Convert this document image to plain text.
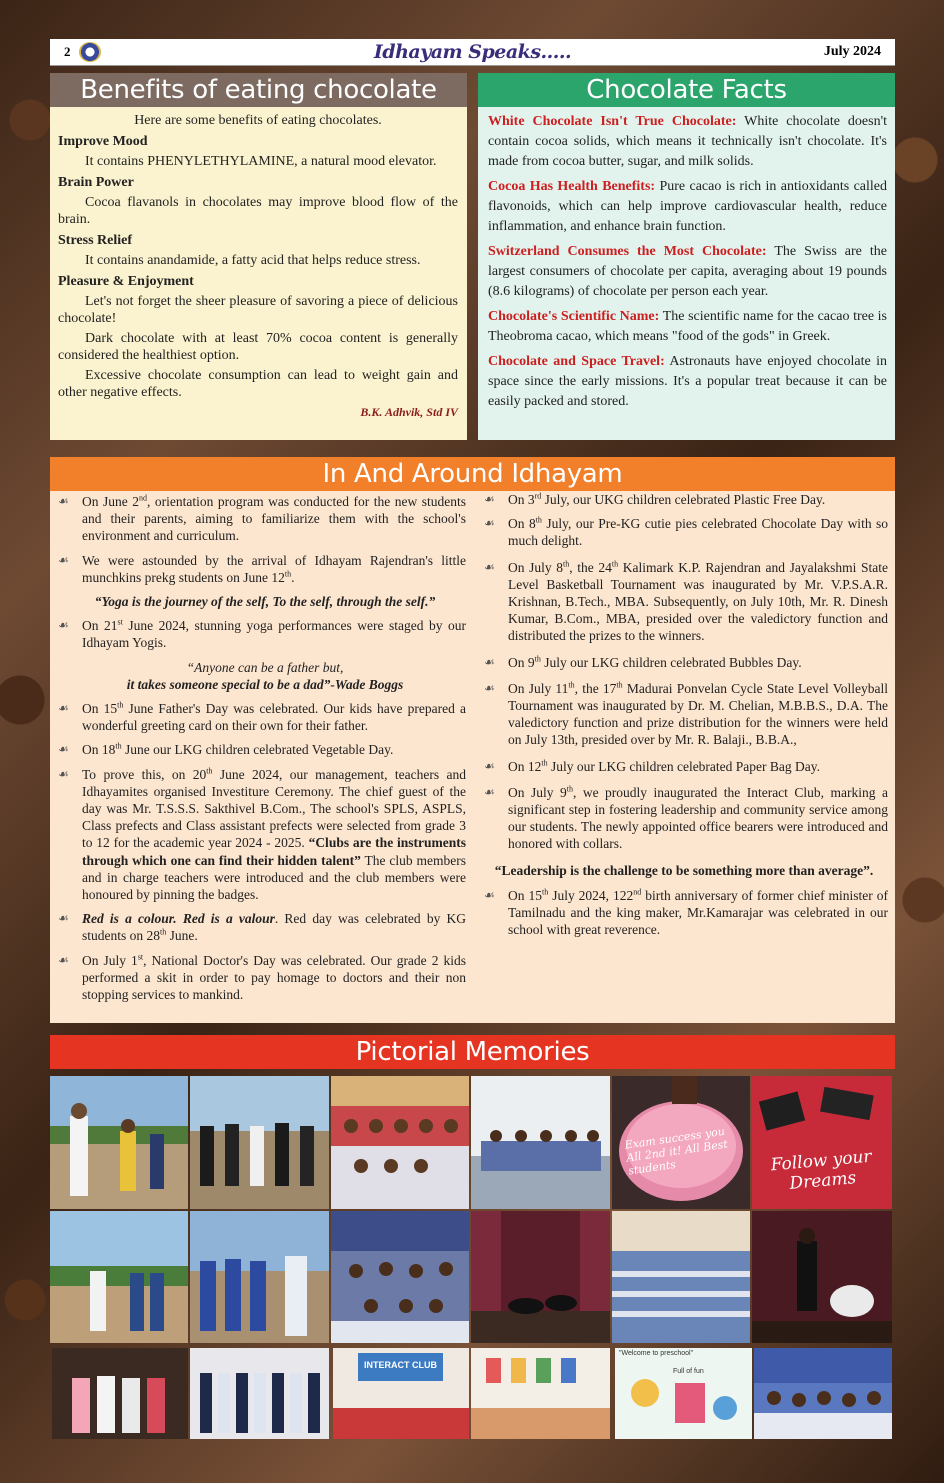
2	Idhayam Speaks.....	July 2024
Benefits of eating chocolate
Here are some benefits of eating chocolates.
Improve Mood

It contains PHENYLETHYLAMINE, a natural mood elevator.

Brain Power

Cocoa flavanols in chocolates may improve blood flow of the brain.

Stress Relief

It contains anandamide, a fatty acid that helps reduce stress.

Pleasure & Enjoyment

Let's not forget the sheer pleasure of savoring a piece of delicious chocolate!

Dark chocolate with at least 70% cocoa content is generally considered the healthiest option.

Excessive chocolate consumption can lead to weight gain and other negative effects.

B.K. Adhvik, Std IV
Chocolate Facts
White Chocolate Isn't True Chocolate: White chocolate doesn't contain cocoa solids, which means it technically isn't chocolate. It's made from cocoa butter, sugar, and milk solids.
Cocoa Has Health Benefits: Pure cacao is rich in antioxidants called flavonoids, which can help improve cardiovascular health, reduce inflammation, and enhance brain function.
Switzerland Consumes the Most Chocolate: The Swiss are the largest consumers of chocolate per capita, averaging about 19 pounds (8.6 kilograms) of chocolate per person each year.
Chocolate's Scientific Name: The scientific name for the cacao tree is Theobroma cacao, which means "food of the gods" in Greek.
Chocolate and Space Travel: Astronauts have enjoyed chocolate in space since the early missions. It's a popular treat because it can be easily packed and stored.
In And Around Idhayam
☙ On June 2nd, orientation program was conducted for the new students and their parents, aiming to familiarize them with the school's environment and curriculum.
☙ We were astounded by the arrival of Idhayam Rajendran's little munchkins prekg students on June 12th.
“Yoga is the journey of the self, To the self, through the self.”
☙ On 21st June 2024, stunning yoga performances were staged by our Idhayam Yogis.
“Anyone can be a father but,
it takes someone special to be a dad”-Wade Boggs
☙ On 15th June Father's Day was celebrated. Our kids have prepared a wonderful greeting card on their own for their father.
☙ On 18th June our LKG children celebrated Vegetable Day.
☙ To prove this, on 20th June 2024, our management, teachers and Idhayamites organised Investiture Ceremony. The chief guest of the day was Mr. T.S.S.S. Sakthivel B.Com., The school's SPLS, ASPLS, Class prefects and Class assistant prefects were selected from grade 3 to 12 for the academic year 2024 - 2025. “Clubs are the instruments through which one can find their hidden talent” The club members and in charge teachers were introduced and the club members were honoured by pinning the badges.
☙ Red is a colour. Red is a valour. Red day was celebrated by KG students on 28th June.
☙ On July 1st, National Doctor's Day was celebrated. Our grade 2 kids performed a skit in order to pay homage to doctors and their non stopping services to mankind.
☙ On 3rd July, our UKG children celebrated Plastic Free Day.
☙ On 8th July, our Pre-KG cutie pies celebrated Chocolate Day with so much delight.
☙ On July 8th, the 24th Kalimark K.P. Rajendran and Jayalakshmi State Level Basketball Tournament was inaugurated by Mr. V.P.S.A.R. Krishnan, B.Tech., MBA. Subsequently, on July 10th, Mr. R. Dinesh Kumar, B.Com., MBA, presided over the valedictory function and distributed the prizes to the winners.
☙ On 9th July our LKG children celebrated Bubbles Day.
☙ On July 11th, the 17th Madurai Ponvelan Cycle State Level Volleyball Tournament was inaugurated by Dr. M. Chelian, M.B.B.S., D.A. The valedictory function and prize distribution for the winners were held on July 13th, presided over by Mr. R. Balaji., B.B.A.,
☙ On 12th July our LKG children celebrated Paper Bag Day.
☙ On July 9th, we proudly inaugurated the Interact Club, marking a significant step in fostering leadership and community service among our students. The newly appointed office bearers were introduced and honored with collars.
“Leadership is the challenge to be something more than average”.
☙ On 15th July 2024, 122nd birth anniversary of former chief minister of Tamilnadu and the king maker, Mr.Kamarajar was celebrated in our school with great reverence.
Pictorial Memories
Exam success you All 2nd it! All Best students	Follow your Dreams
INTERACT CLUB
"Welcome to preschool"
Full of fun
